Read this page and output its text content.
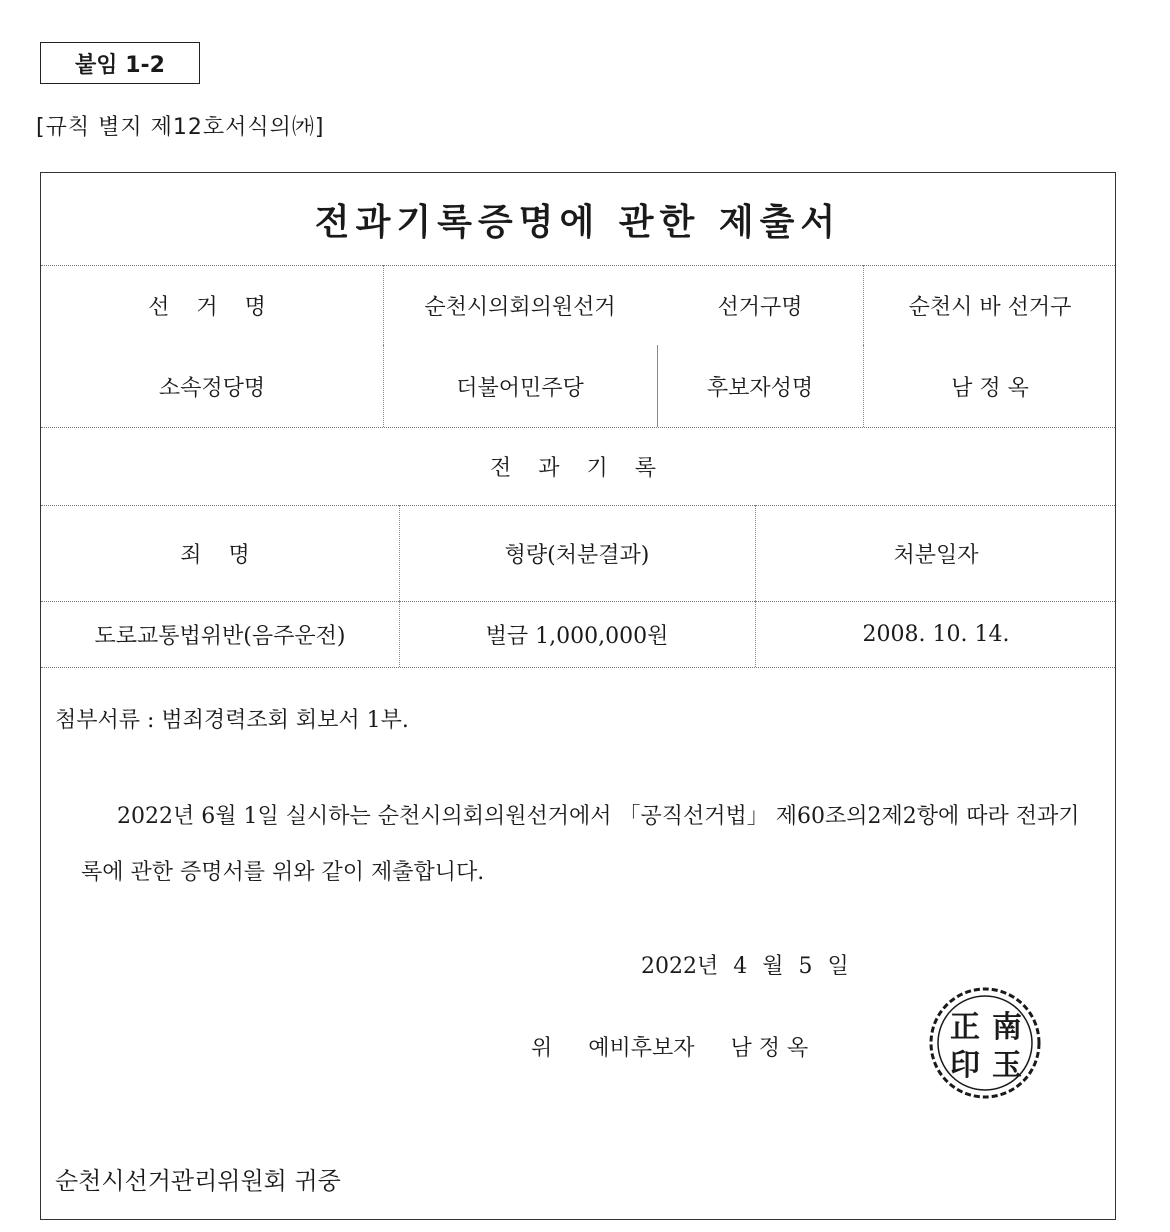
붙임 1-2
[규칙 별지 제12호서식의㈎]
전과기록증명에 관한 제출서
선 거 명	순천시의회의원선거	선거구명	순천시 바 선거구
소속정당명	더불어민주당	후보자성명	남 정 옥
전 과 기 록
죄 명	형량(처분결과)	처분일자
도로교통법위반(음주운전)	벌금 1,000,000원	2008. 10. 14.
첨부서류 : 범죄경력조회 회보서 1부.
2022년 6월 1일 실시하는 순천시의회의원선거에서 「공직선거법」 제60조의2제2항에 따라 전과기록에 관한 증명서를 위와 같이 제출합니다.
2022년 4 월 5 일
위 예비후보자 남 정 옥
南
玉
正
印
순천시선거관리위원회 귀중
